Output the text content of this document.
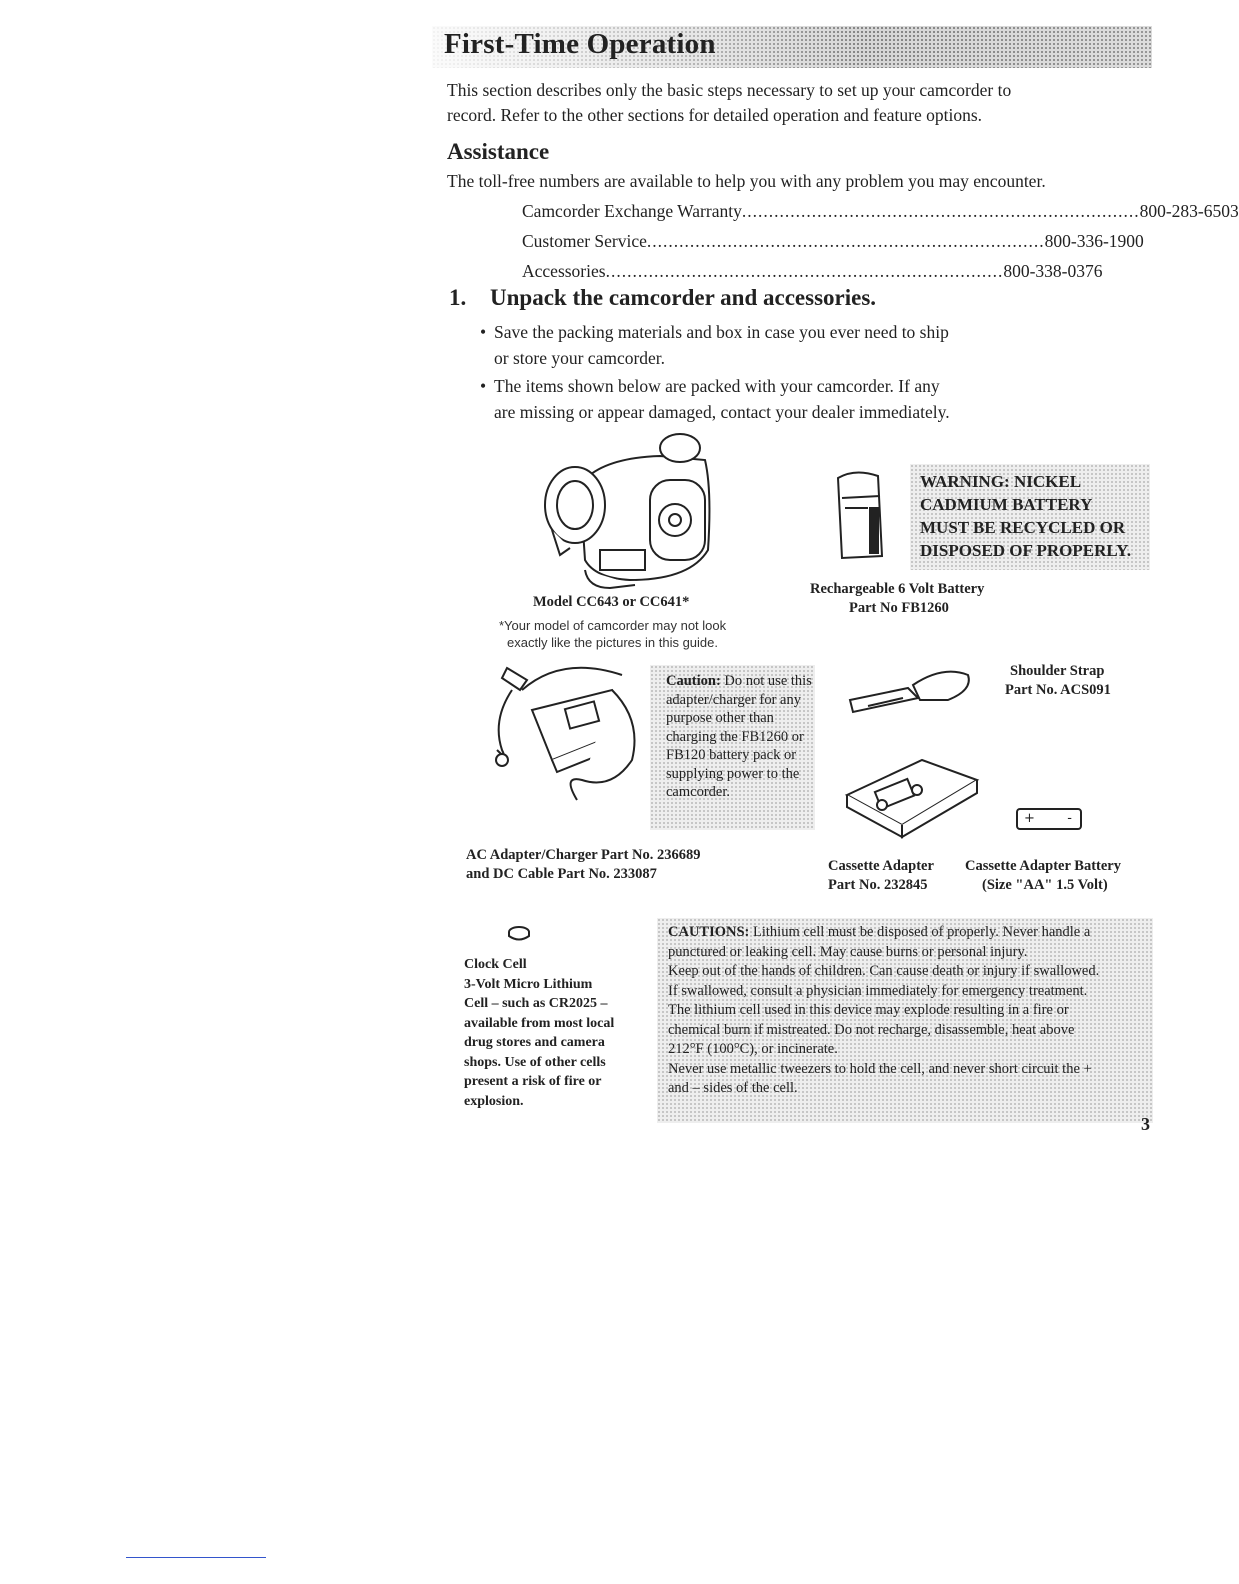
First-Time Operation
This section describes only the basic steps necessary to set up your camcorder to
record. Refer to the other sections for detailed operation and feature options.
Assistance
The toll-free numbers are available to help you with any problem you may encounter.
Camcorder Exchange Warranty .......................................................................... 800-283-6503
Customer Service .......................................................................... 800-336-1900
Accessories .......................................................................... 800-338-0376
1. Unpack the camcorder and accessories.
• Save the packing materials and box in case you ever need to ship
or store your camcorder.
• The items shown below are packed with your camcorder. If any
are missing or appear damaged, contact your dealer immediately.
Model CC643 or CC641*
*Your model of camcorder may not look
exactly like the pictures in this guide.
WARNING: NICKEL
CADMIUM BATTERY
MUST BE RECYCLED OR
DISPOSED OF PROPERLY.
Rechargeable 6 Volt Battery
Part No FB1260
Caution: Do not use this adapter/charger for any purpose other than charging the FB1260 or FB120 battery pack or supplying power to the camcorder.
AC Adapter/Charger Part No. 236689
and DC Cable Part No. 233087
Shoulder Strap
Part No. ACS091
Cassette Adapter
Part No. 232845
+ -
Cassette Adapter Battery
(Size "AA" 1.5 Volt)
Clock Cell
3-Volt Micro Lithium
Cell – such as CR2025 –
available from most local
drug stores and camera
shops. Use of other cells
present a risk of fire or
explosion.
CAUTIONS: Lithium cell must be disposed of properly. Never handle a
punctured or leaking cell. May cause burns or personal injury.
Keep out of the hands of children. Can cause death or injury if swallowed.
If swallowed, consult a physician immediately for emergency treatment.
The lithium cell used in this device may explode resulting in a fire or
chemical burn if mistreated. Do not recharge, disassemble, heat above
212°F (100°C), or incinerate.
Never use metallic tweezers to hold the cell, and never short circuit the +
and – sides of the cell.
3
